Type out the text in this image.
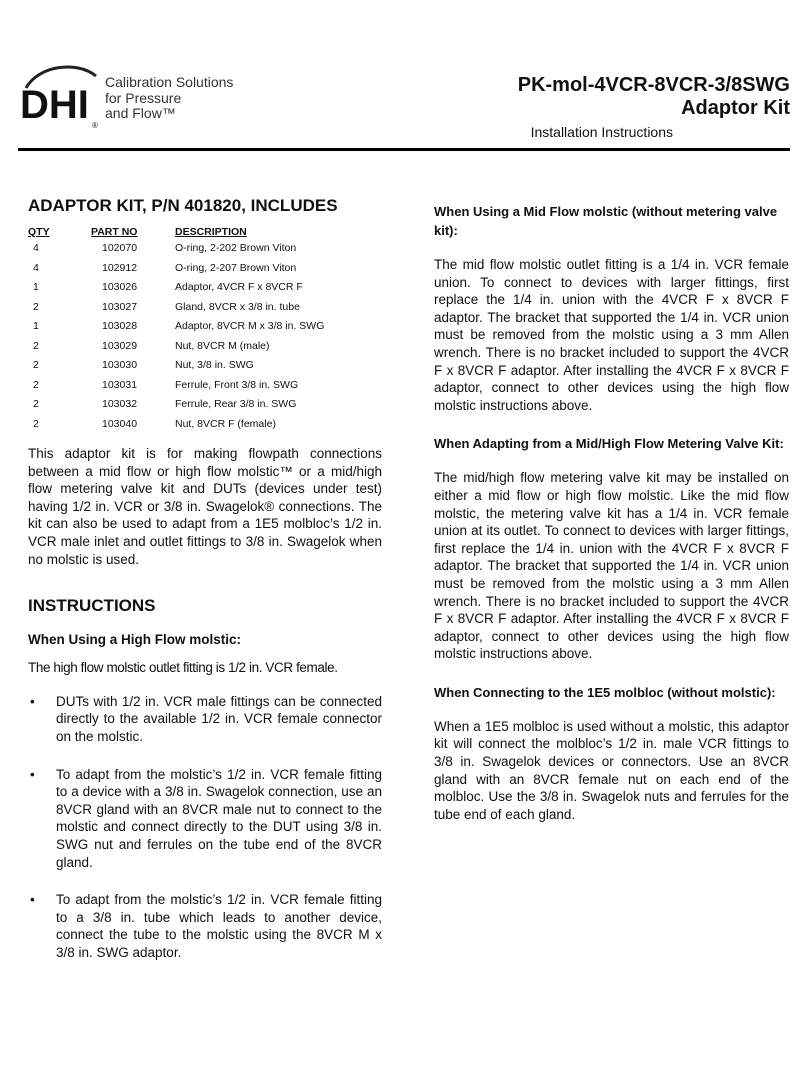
DHI ®
Calibration Solutions
for Pressure
and Flow™
PK-mol-4VCR-8VCR-3/8SWG
Adaptor Kit
Installation Instructions
ADAPTOR KIT, P/N 401820, INCLUDES
QTY	PART NO	DESCRIPTION
4	102070	O-ring, 2-202 Brown Viton
4	102912	O-ring, 2-207 Brown Viton
1	103026	Adaptor, 4VCR F x 8VCR F
2	103027	Gland, 8VCR x 3/8 in. tube
1	103028	Adaptor, 8VCR M x 3/8 in. SWG
2	103029	Nut, 8VCR M (male)
2	103030	Nut, 3/8 in. SWG
2	103031	Ferrule, Front 3/8 in. SWG
2	103032	Ferrule, Rear 3/8 in. SWG
2	103040	Nut, 8VCR F (female)

This adaptor kit is for making flowpath connections between a mid flow or high flow molstic™ or a mid/high flow metering valve kit and DUTs (devices under test) having 1/2 in. VCR or 3/8 in. Swagelok® connections. The kit can also be used to adapt from a 1E5 molbloc’s 1/2 in. VCR male inlet and outlet fittings to 3/8 in. Swagelok when no molstic is used.

INSTRUCTIONS
When Using a High Flow molstic:

The high flow molstic outlet fitting is 1/2 in. VCR female.

• DUTs with 1/2 in. VCR male fittings can be connected directly to the available 1/2 in. VCR female connector on the molstic.
• To adapt from the molstic’s 1/2 in. VCR female fitting to a device with a 3/8 in. Swagelok connection, use an 8VCR gland with an 8VCR male nut to connect to the molstic and connect directly to the DUT using 3/8 in. SWG nut and ferrules on the tube end of the 8VCR gland.
• To adapt from the molstic’s 1/2 in. VCR female fitting to a 3/8 in. tube which leads to another device, connect the tube to the molstic using the 8VCR M x 3/8 in. SWG adaptor.
When Using a Mid Flow molstic (without metering valve kit):

The mid flow molstic outlet fitting is a 1/4 in. VCR female union. To connect to devices with larger fittings, first replace the 1/4 in. union with the 4VCR F x 8VCR F adaptor. The bracket that supported the 1/4 in. VCR union must be removed from the molstic using a 3 mm Allen wrench. There is no bracket included to support the 4VCR F x 8VCR F adaptor. After installing the 4VCR F x 8VCR F adaptor, connect to other devices using the high flow molstic instructions above.

When Adapting from a Mid/High Flow Metering Valve Kit:

The mid/high flow metering valve kit may be installed on either a mid flow or high flow molstic. Like the mid flow molstic, the metering valve kit has a 1/4 in. VCR female union at its outlet. To connect to devices with larger fittings, first replace the 1/4 in. union with the 4VCR F x 8VCR F adaptor. The bracket that supported the 1/4 in. VCR union must be removed from the molstic using a 3 mm Allen wrench. There is no bracket included to support the 4VCR F x 8VCR F adaptor. After installing the 4VCR F x 8VCR F adaptor, connect to other devices using the high flow molstic instructions above.

When Connecting to the 1E5 molbloc (without molstic):

When a 1E5 molbloc is used without a molstic, this adaptor kit will connect the molbloc’s 1/2 in. male VCR fittings to 3/8 in. Swagelok devices or connectors. Use an 8VCR gland with an 8VCR female nut on each end of the molbloc. Use the 3/8 in. Swagelok nuts and ferrules for the tube end of each gland.
